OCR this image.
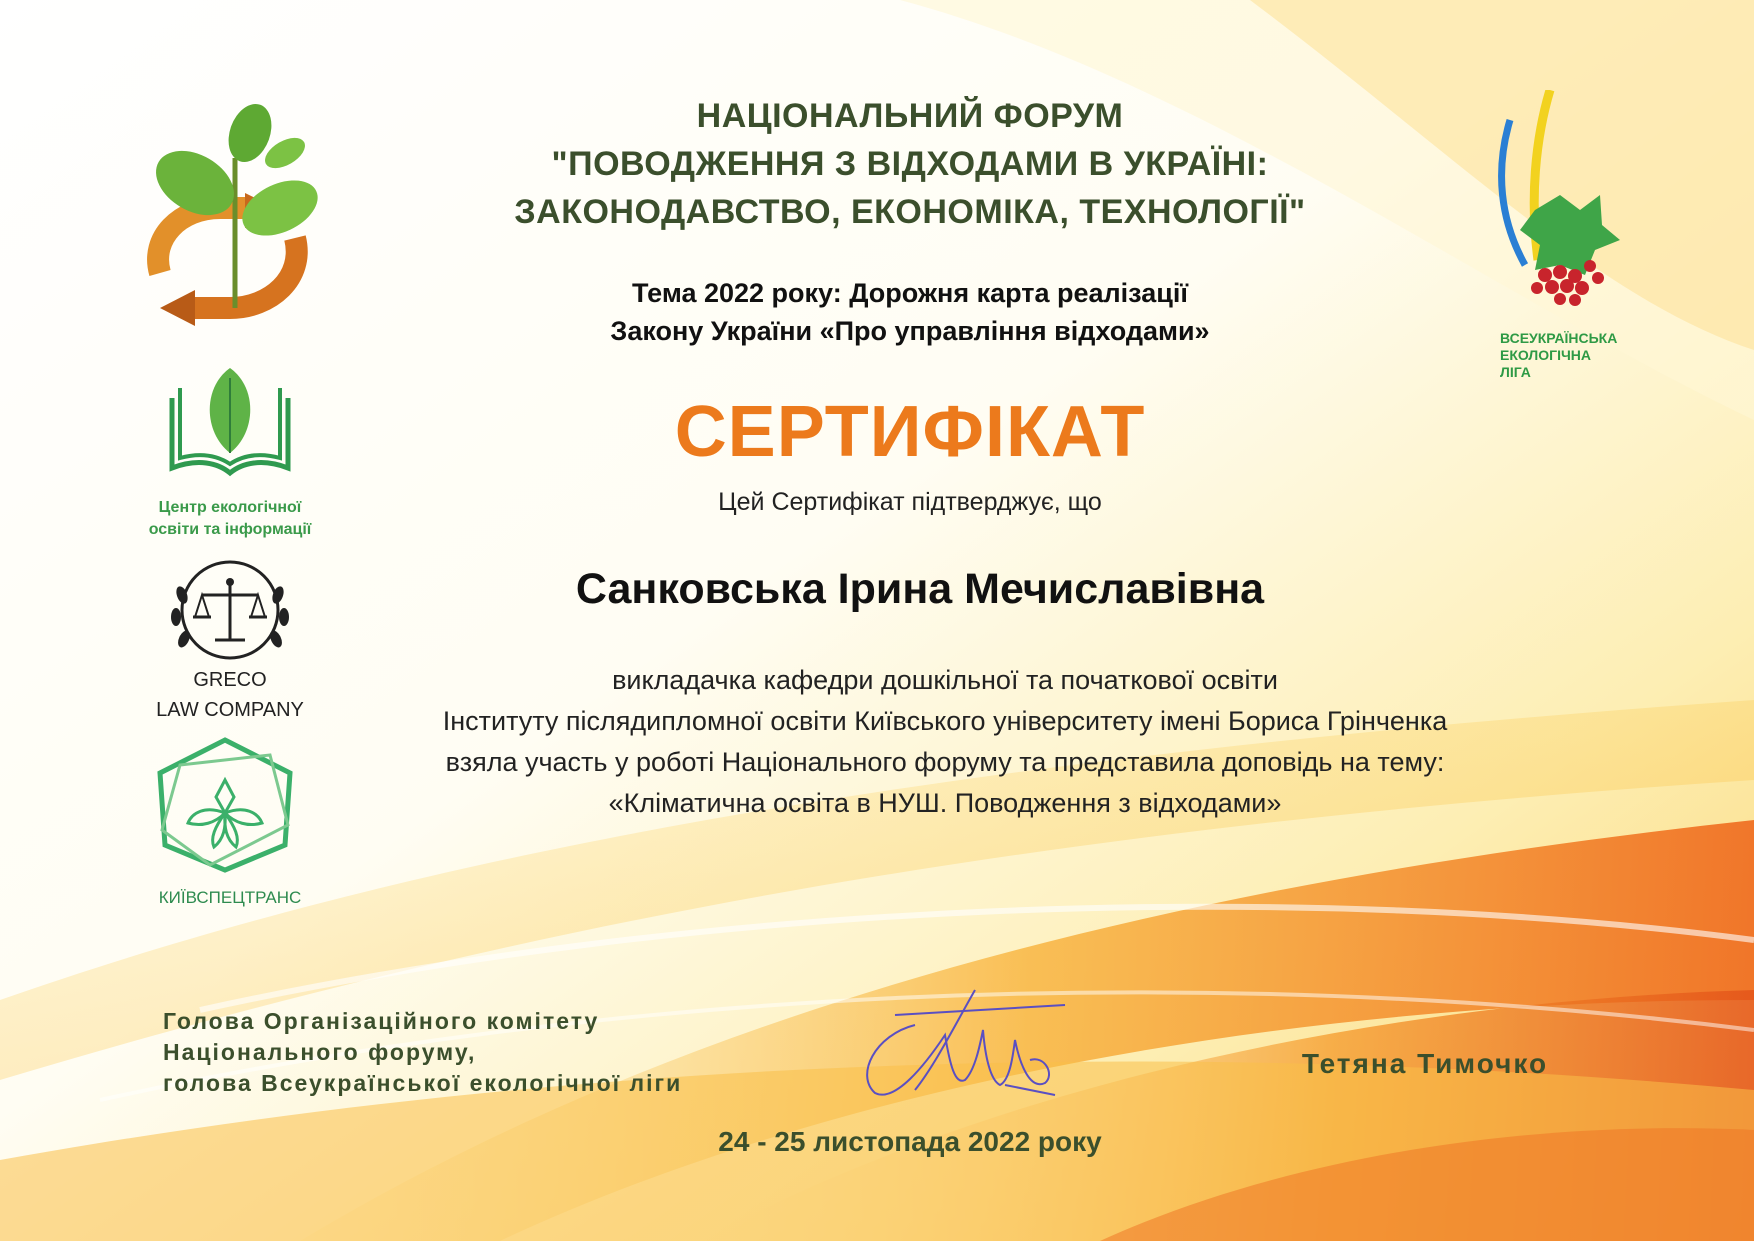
Центр екологічної
освіти та інформації
GRECO
LAW COMPANY
КИЇВСПЕЦТРАНС
ВСЕУКРАЇНСЬКА
ЕКОЛОГІЧНА
ЛІГА
НАЦІОНАЛЬНИЙ ФОРУМ
"ПОВОДЖЕННЯ З ВІДХОДАМИ В УКРАЇНІ:
ЗАКОНОДАВСТВО, ЕКОНОМІКА, ТЕХНОЛОГІЇ"
Тема 2022 року: Дорожня карта реалізації
Закону України «Про управління відходами»
СЕРТИФІКАТ
Цей Сертифікат підтверджує, що
Санковська Ірина Мечиславівна
викладачка кафедри дошкільної та початкової освіти
Інституту післядипломної освіти Київського університету імені Бориса Грінченка
взяла участь у роботі Національного форуму та представила доповідь на тему:
«Кліматична освіта в НУШ. Поводження з відходами»
Голова Організаційного комітету
Національного форуму,
голова Всеукраїнської екологічної ліги
Тетяна Тимочко
24 - 25 листопада 2022 року
